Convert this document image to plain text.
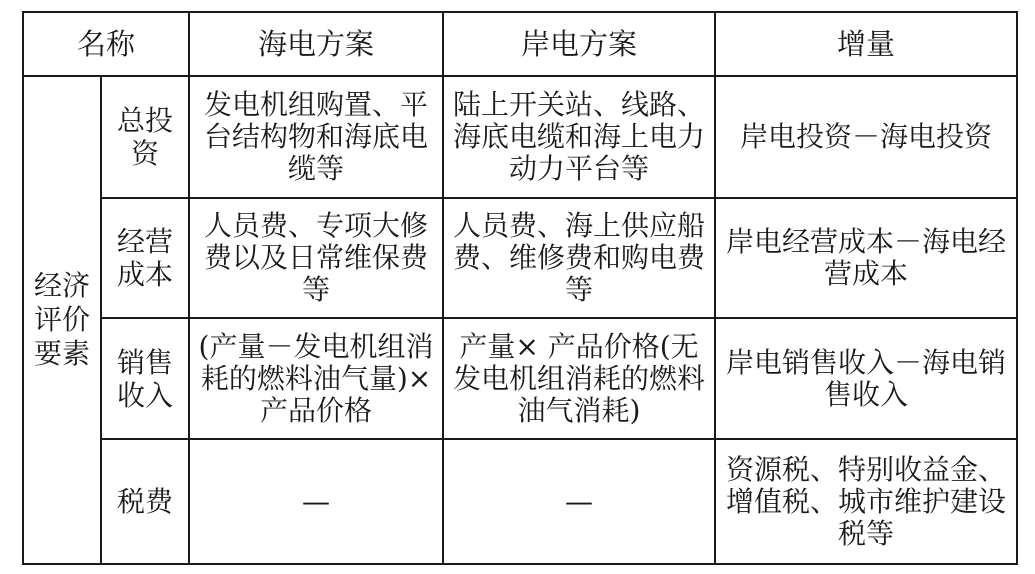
名称		海电方案	岸电方案	增量
经济评价要素	总投资	发电机组购置、平台结构物和海底电缆等	陆上开关站、线路、海底电缆和海上电力动力平台等	岸电投资－海电投资
	经营成本	人员费、专项大修费以及日常维保费等	人员费、海上供应船费、维修费和购电费等	岸电经营成本－海电经营成本
	销售收入	(产量－发电机组消耗的燃料油气量)× 产品价格	产量× 产品价格(无发电机组消耗的燃料油气消耗)	岸电销售收入－海电销售收入
	税费	—	—	资源税、特别收益金、增值税、城市维护建设税等
